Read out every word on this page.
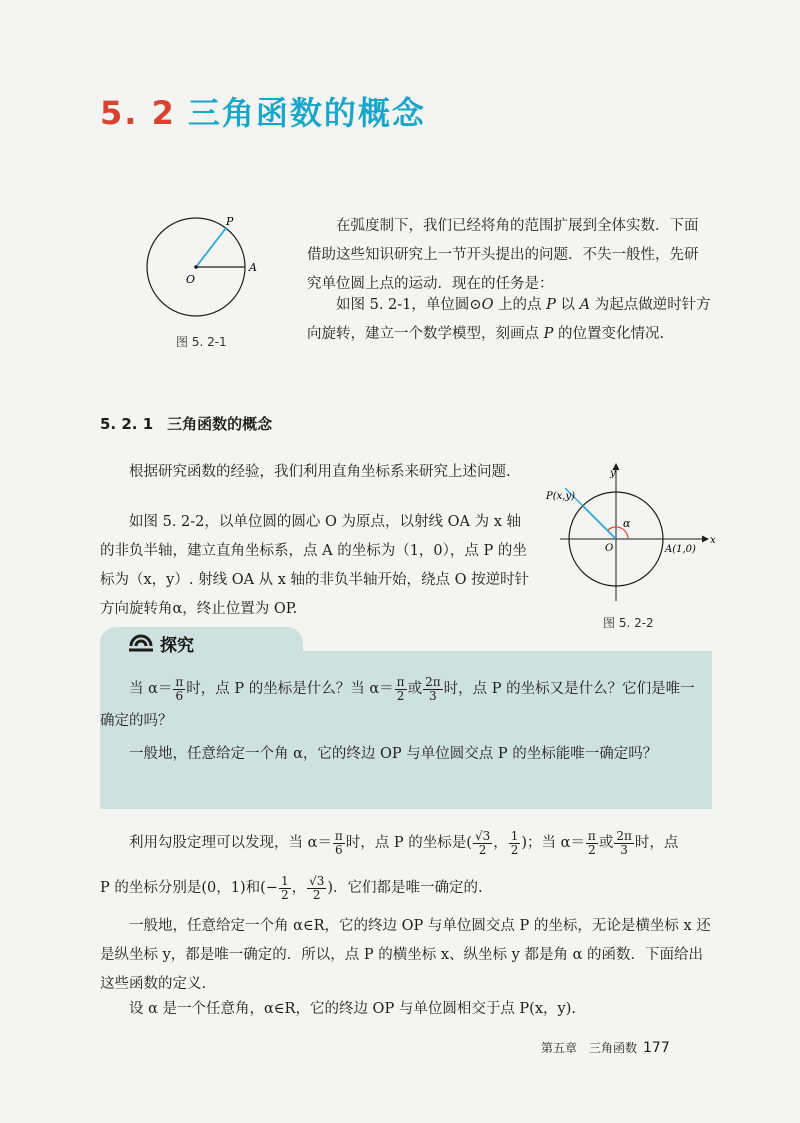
5. 2 三角函数的概念
P
O
A
图 5. 2-1
在弧度制下，我们已经将角的范围扩展到全体实数．下面借助这些知识研究上一节开头提出的问题．不失一般性，先研究单位圆上点的运动．现在的任务是：
如图 5. 2-1，单位圆⊙O 上的点 P 以 A 为起点做逆时针方向旋转，建立一个数学模型，刻画点 P 的位置变化情况.
5. 2. 1 三角函数的概念
根据研究函数的经验，我们利用直角坐标系来研究上述问题.
如图 5. 2-2，以单位圆的圆心 O 为原点，以射线 OA 为 x 轴的非负半轴，建立直角坐标系，点 A 的坐标为（1，0），点 P 的坐标为（x，y）. 射线 OA 从 x 轴的非负半轴开始，绕点 O 按逆时针方向旋转角α，终止位置为 OP.
y
x
O
P(x,y)
A(1,0)
α
图 5. 2-2
探究
当 $\alpha= \frac{\pi}{6}$ 时，点 P 的坐标是什么？当 $\alpha= \frac{\pi}{2}$ 或 $\frac{2\pi}{3}$ 时，点 P 的坐标又是什么？它们是唯一确定的吗？
一般地，任意给定一个角 α，它的终边 OP 与单位圆交点 P 的坐标能唯一确定吗？
利用勾股定理可以发现，当 $\alpha= \frac{\pi}{6}$ 时，点 P 的坐标是( $\frac{√3}{2}$ ， $\frac{1}{2}$ )；当 $\alpha= \frac{\pi}{2}$ 或 $\frac{2\pi}{3}$ 时，点
P 的坐标分别是(0，1)和(− $\frac{1}{2}$ ， $\frac{√3}{2}$ )．它们都是唯一确定的.
一般地，任意给定一个角 α∈R，它的终边 OP 与单位圆交点 P 的坐标，无论是横坐标 x 还是纵坐标 y，都是唯一确定的．所以，点 P 的横坐标 x、纵坐标 y 都是角 α 的函数．下面给出这些函数的定义.
设 α 是一个任意角，α∈R，它的终边 OP 与单位圆相交于点 P(x，y).
第五章　三角函数 177
